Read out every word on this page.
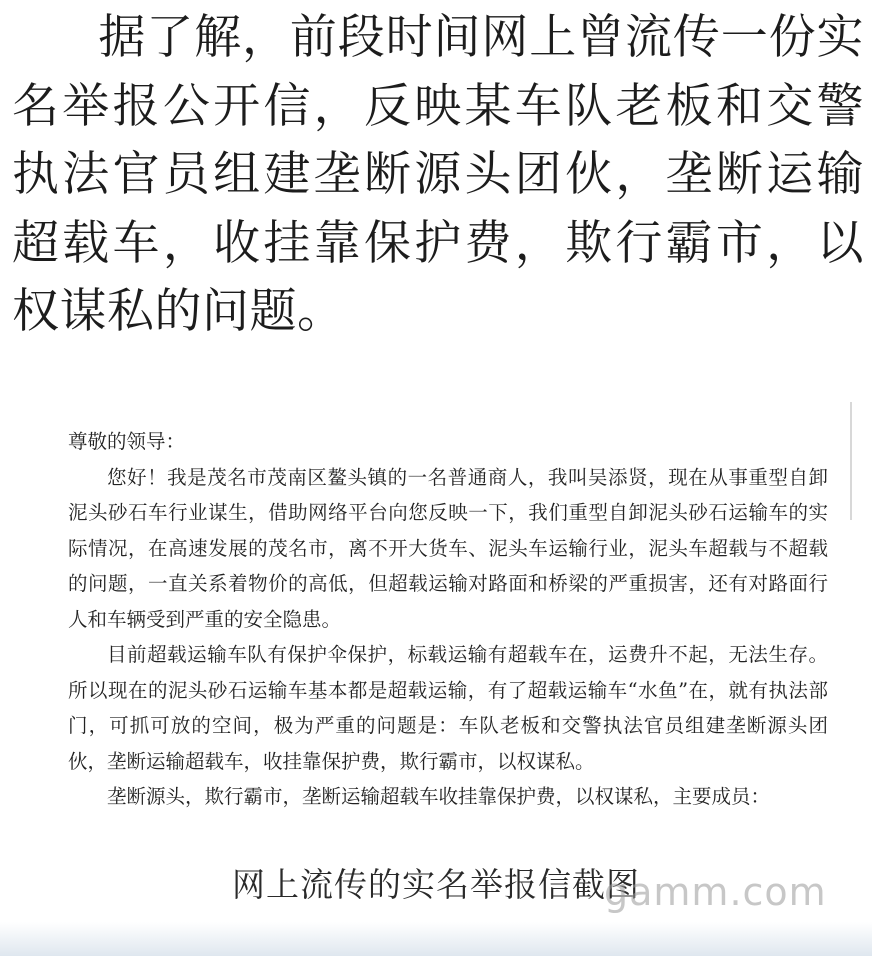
据了解，前段时间网上曾流传一份实名举报公开信，反映某车队老板和交警执法官员组建垄断源头团伙，垄断运输超载车，收挂靠保护费，欺行霸市，以权谋私的问题。

尊敬的领导：

您好！我是茂名市茂南区鳌头镇的一名普通商人，我叫吴添贤，现在从事重型自卸泥头砂石车行业谋生，借助网络平台向您反映一下，我们重型自卸泥头砂石运输车的实际情况，在高速发展的茂名市，离不开大货车、泥头车运输行业，泥头车超载与不超载的问题，一直关系着物价的高低，但超载运输对路面和桥梁的严重损害，还有对路面行人和车辆受到严重的安全隐患。

目前超载运输车队有保护伞保护，标载运输有超载车在，运费升不起，无法生存。所以现在的泥头砂石运输车基本都是超载运输，有了超载运输车“水鱼”在，就有执法部门，可抓可放的空间，极为严重的问题是：车队老板和交警执法官员组建垄断源头团伙，垄断运输超载车，收挂靠保护费，欺行霸市，以权谋私。

垄断源头，欺行霸市，垄断运输超载车收挂靠保护费，以权谋私，主要成员：

网上流传的实名举报信截图
gamm.com
